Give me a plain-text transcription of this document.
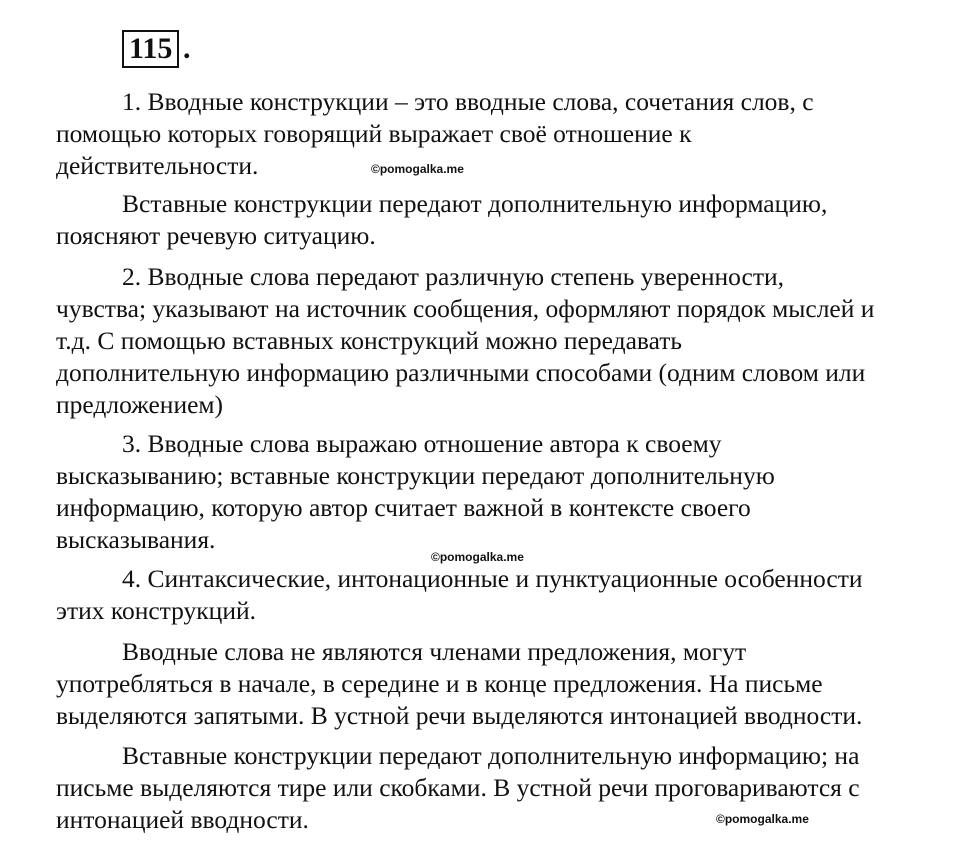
115 .

1. Вводные конструкции – это вводные слова, сочетания слов, с
помощью которых говорящий выражает своё отношение к
действительности.	©pomogalka.me

Вставные конструкции передают дополнительную информацию,
поясняют речевую ситуацию.

2. Вводные слова передают различную степень уверенности,
чувства; указывают на источник сообщения, оформляют порядок мыслей и
т.д. С помощью вставных конструкций можно передавать
дополнительную информацию различными способами (одним словом или
предложением)

3. Вводные слова выражаю отношение автора к своему
высказыванию; вставные конструкции передают дополнительную
информацию, которую автор считает важной в контексте своего
высказывания.

©pomogalka.me

4. Синтаксические, интонационные и пунктуационные особенности
этих конструкций.

Вводные слова не являются членами предложения, могут
употребляться в начале, в середине и в конце предложения. На письме
выделяются запятыми. В устной речи выделяются интонацией вводности.

Вставные конструкции передают дополнительную информацию; на
письме выделяются тире или скобками. В устной речи проговариваются с
интонацией вводности.	©pomogalka.me
